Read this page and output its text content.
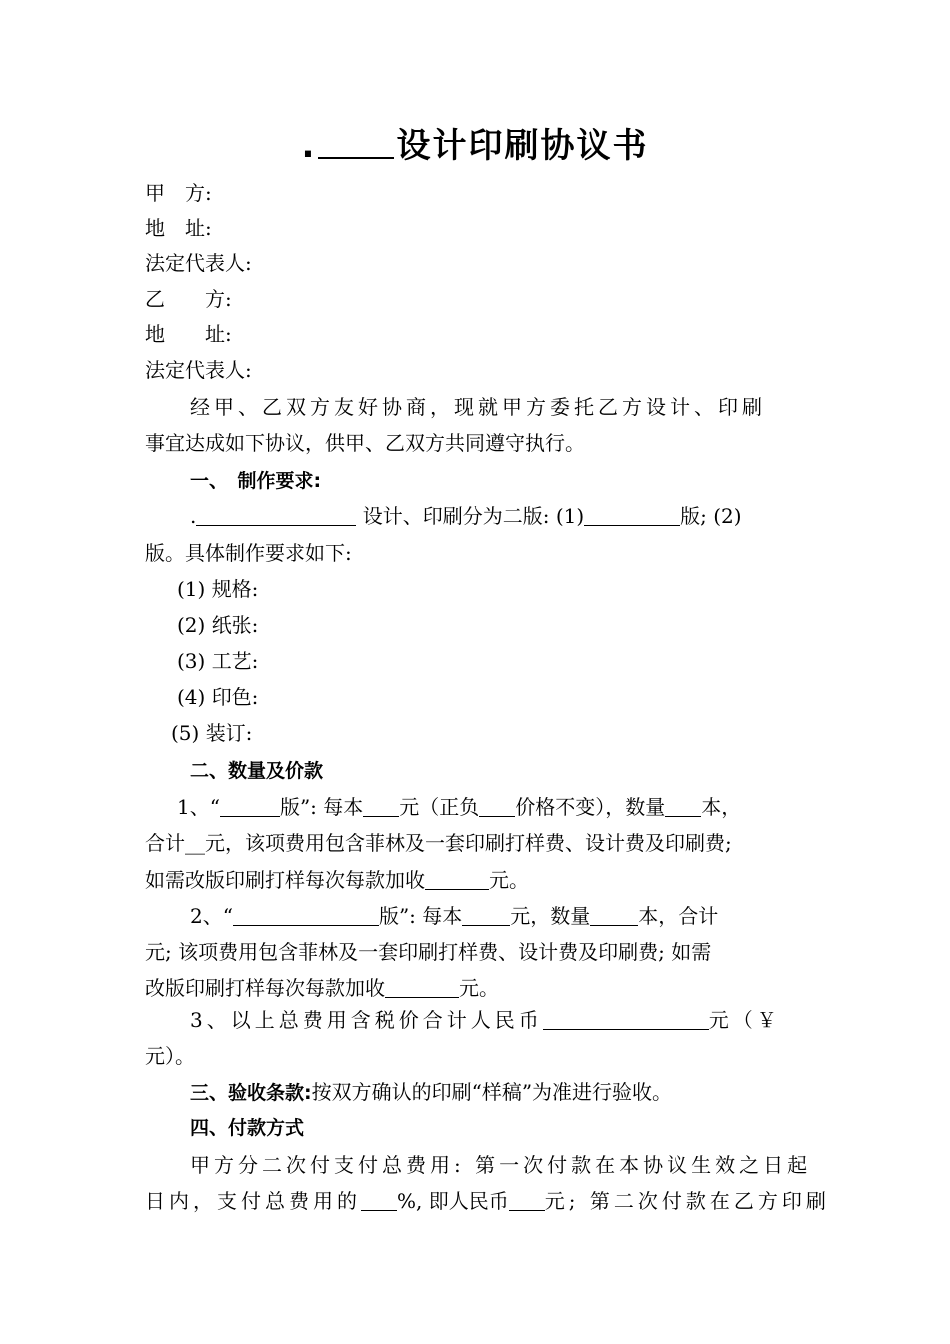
. 设计印刷协议书
甲　方:
地　址:
法定代表人:
乙　　方:
地　　址:
法定代表人:
经甲、乙双方友好协商，现就甲方委托乙方设计、印刷
事宜达成如下协议，供甲、乙双方共同遵守执行。
一、　制作要求:
.	设计、印刷分为二版: (1)	版; (2)
版。具体制作要求如下:
(1) 规格:
(2) 纸张:
(3) 工艺:
(4) 印色:
(5) 装订:
二、数量及价款
1、“	版”: 每本 元（正负 价格不变），数量 本，
合计__元，该项费用包含菲林及一套印刷打样费、设计费及印刷费;
如需改版印刷打样每次每款加收	元。
2、“	版”: 每本 元，数量 本，合计
元; 该项费用包含菲林及一套印刷打样费、设计费及印刷费; 如需
改版印刷打样每次每款加收	元。
3、以上总费用含税价合计人民币	元（￥
元）。
三、验收条款:按双方确认的印刷“样稿”为准进行验收。
四、付款方式
甲方分二次付支付总费用: 第一次付款在本协议生效之日起
日内，支付总费用的 %, 即人民币 元; 第二次付款在乙方印刷
